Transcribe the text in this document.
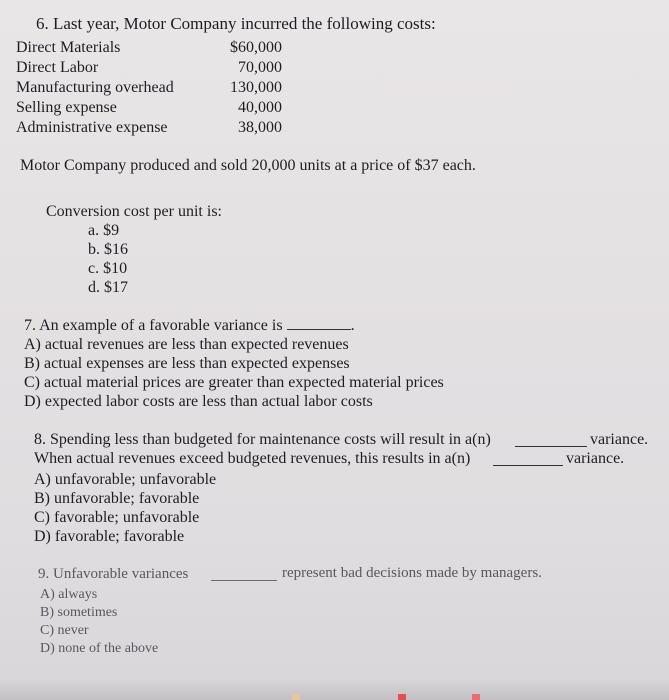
6. Last year, Motor Company incurred the following costs:
Direct Materials	$60,000
Direct Labor	70,000
Manufacturing overhead	130,000
Selling expense	40,000
Administrative expense	38,000
Motor Company produced and sold 20,000 units at a price of $37 each.
Conversion cost per unit is:
a. $9
b. $16
c. $10
d. $17
7. An example of a favorable variance is	.
A) actual revenues are less than expected revenues
B) actual expenses are less than expected expenses
C) actual material prices are greater than expected material prices
D) expected labor costs are less than actual labor costs
8. Spending less than budgeted for maintenance costs will result in a(n)	variance.
When actual revenues exceed budgeted revenues, this results in a(n)	variance.
A) unfavorable; unfavorable
B) unfavorable; favorable
C) favorable; unfavorable
D) favorable; favorable
9. Unfavorable variances	represent bad decisions made by managers.
A) always
B) sometimes
C) never
D) none of the above
